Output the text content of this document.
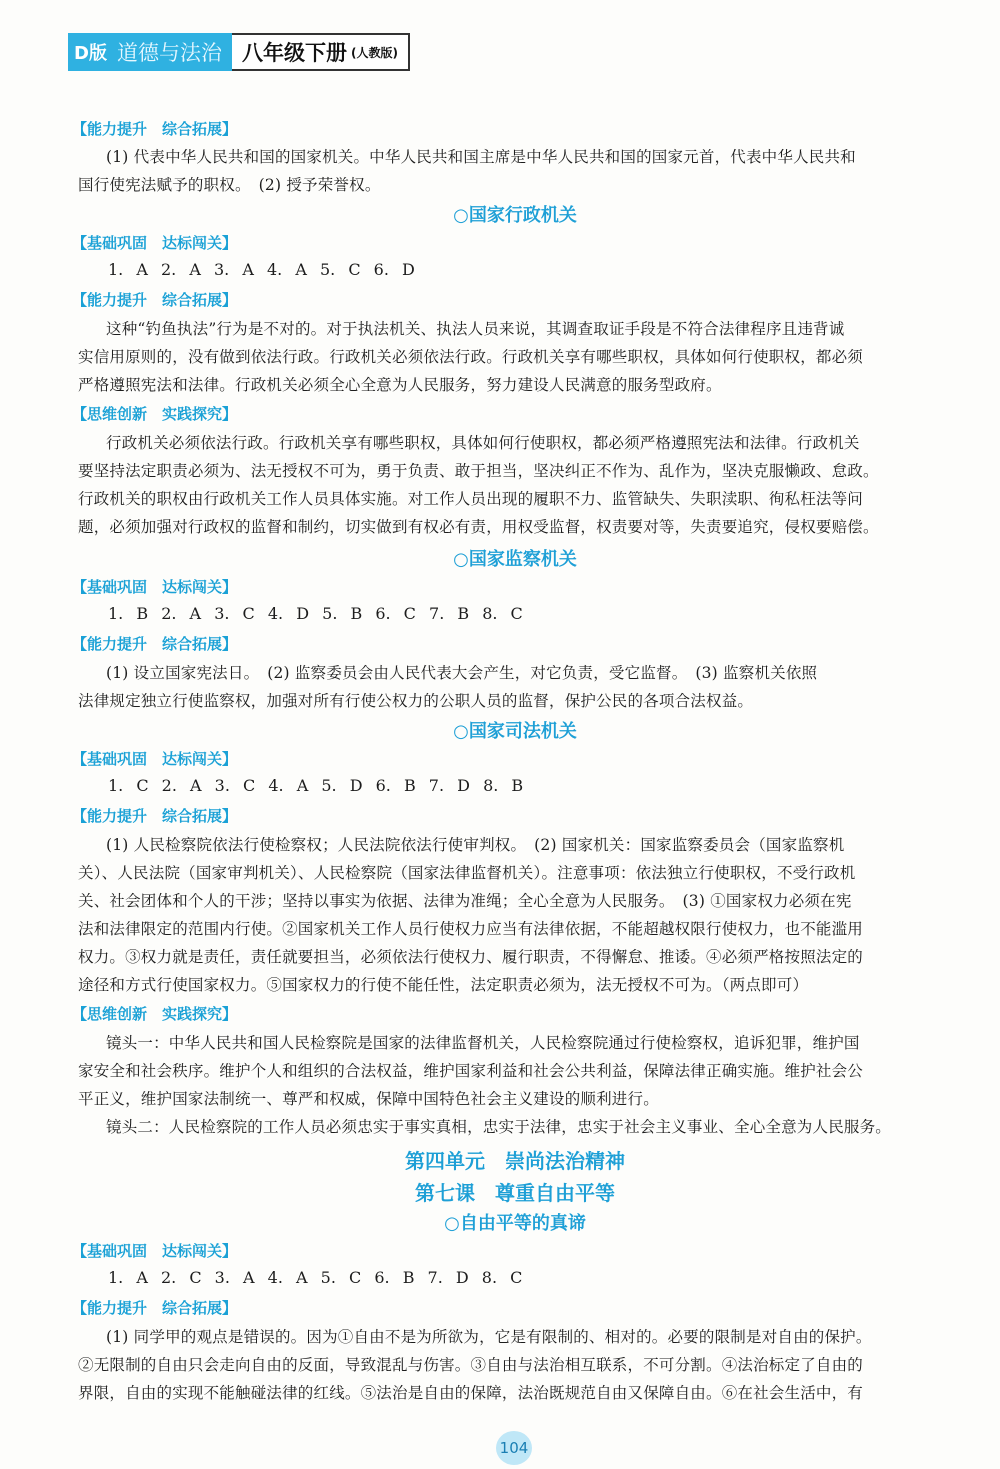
D版 道德与法治 八年级下册 (人教版)
【能力提升　综合拓展】
(1) 代表中华人民共和国的国家机关。中华人民共和国主席是中华人民共和国的国家元首，代表中华人民共和
国行使宪法赋予的职权。　(2) 授予荣誉权。
○国家行政机关
【基础巩固　达标闯关】
1. A 2. A 3. A 4. A 5. C 6. D
【能力提升　综合拓展】
这种“钓鱼执法”行为是不对的。对于执法机关、执法人员来说，其调查取证手段是不符合法律程序且违背诚
实信用原则的，没有做到依法行政。行政机关必须依法行政。行政机关享有哪些职权，具体如何行使职权，都必须
严格遵照宪法和法律。行政机关必须全心全意为人民服务，努力建设人民满意的服务型政府。
【思维创新　实践探究】
行政机关必须依法行政。行政机关享有哪些职权，具体如何行使职权，都必须严格遵照宪法和法律。行政机关
要坚持法定职责必须为、法无授权不可为，勇于负责、敢于担当，坚决纠正不作为、乱作为，坚决克服懒政、怠政。
行政机关的职权由行政机关工作人员具体实施。对工作人员出现的履职不力、监管缺失、失职渎职、徇私枉法等问
题，必须加强对行政权的监督和制约，切实做到有权必有责，用权受监督，权责要对等，失责要追究，侵权要赔偿。
○国家监察机关
【基础巩固　达标闯关】
1. B 2. A 3. C 4. D 5. B 6. C 7. B 8. C
【能力提升　综合拓展】
(1) 设立国家宪法日。　(2) 监察委员会由人民代表大会产生，对它负责，受它监督。　(3) 监察机关依照
法律规定独立行使监察权，加强对所有行使公权力的公职人员的监督，保护公民的各项合法权益。
○国家司法机关
【基础巩固　达标闯关】
1. C 2. A 3. C 4. A 5. D 6. B 7. D 8. B
【能力提升　综合拓展】
(1) 人民检察院依法行使检察权；人民法院依法行使审判权。　(2) 国家机关：国家监察委员会（国家监察机
关）、人民法院（国家审判机关）、人民检察院（国家法律监督机关）。注意事项：依法独立行使职权，不受行政机
关、社会团体和个人的干涉；坚持以事实为依据、法律为准绳；全心全意为人民服务。　(3) ①国家权力必须在宪
法和法律限定的范围内行使。②国家机关工作人员行使权力应当有法律依据，不能超越权限行使权力，也不能滥用
权力。③权力就是责任，责任就要担当，必须依法行使权力、履行职责，不得懈怠、推诿。④必须严格按照法定的
途径和方式行使国家权力。⑤国家权力的行使不能任性，法定职责必须为，法无授权不可为。（两点即可）
【思维创新　实践探究】
镜头一：中华人民共和国人民检察院是国家的法律监督机关，人民检察院通过行使检察权，追诉犯罪，维护国
家安全和社会秩序。维护个人和组织的合法权益，维护国家利益和社会公共利益，保障法律正确实施。维护社会公
平正义，维护国家法制统一、尊严和权威，保障中国特色社会主义建设的顺利进行。
镜头二：人民检察院的工作人员必须忠实于事实真相，忠实于法律，忠实于社会主义事业、全心全意为人民服务。
第四单元　崇尚法治精神
第七课　尊重自由平等
○自由平等的真谛
【基础巩固　达标闯关】
1. A 2. C 3. A 4. A 5. C 6. B 7. D 8. C
【能力提升　综合拓展】
(1) 同学甲的观点是错误的。因为①自由不是为所欲为，它是有限制的、相对的。必要的限制是对自由的保护。
②无限制的自由只会走向自由的反面，导致混乱与伤害。③自由与法治相互联系，不可分割。④法治标定了自由的
界限，自由的实现不能触碰法律的红线。⑤法治是自由的保障，法治既规范自由又保障自由。⑥在社会生活中，有
104
